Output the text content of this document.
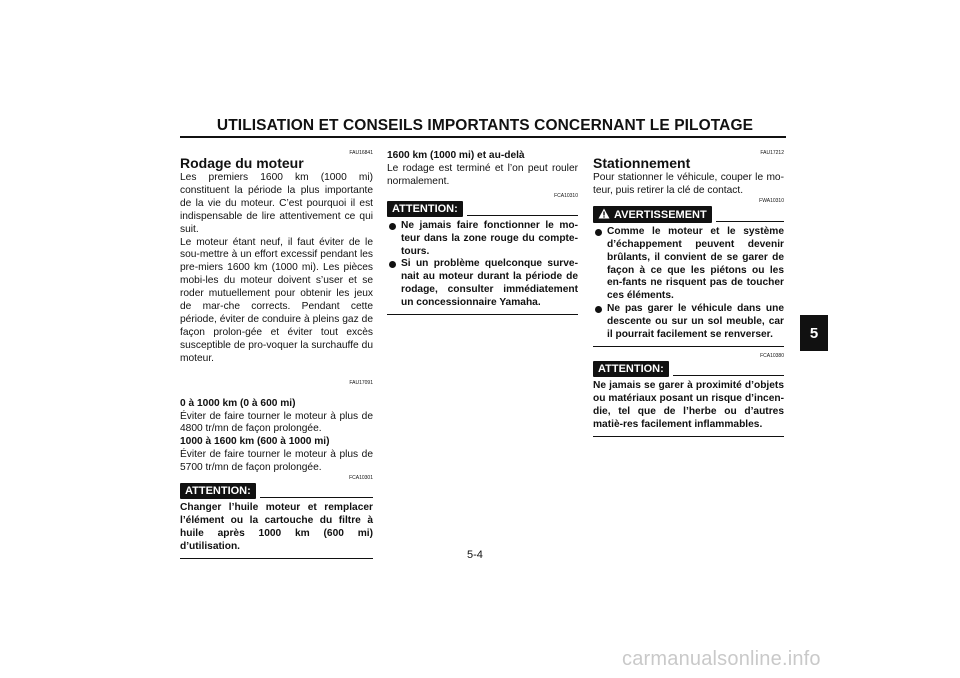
UTILISATION ET CONSEILS IMPORTANTS CONCERNANT LE PILOTAGE
5

FAU16841

Rodage du moteur

Les premiers 1600 km (1000 mi) constituent la période la plus importante de la vie du moteur. C’est pourquoi il est indispensable de lire attentivement ce qui suit.

Le moteur étant neuf, il faut éviter de le sou-mettre à un effort excessif pendant les pre-miers 1600 km (1000 mi). Les pièces mobi-les du moteur doivent s’user et se roder mutuellement pour obtenir les jeux de mar-che corrects. Pendant cette période, éviter de conduire à pleins gaz de façon prolon-gée et éviter tout excès susceptible de pro-voquer la surchauffe du moteur.

FAU17091

0 à 1000 km (0 à 600 mi)

Éviter de faire tourner le moteur à plus de 4800 tr/mn de façon prolongée.

1000 à 1600 km (600 à 1000 mi)

Éviter de faire tourner le moteur à plus de 5700 tr/mn de façon prolongée.

FCA10301

ATTENTION:
Changer l’huile moteur et remplacer l’élément ou la cartouche du filtre à huile après 1000 km (600 mi) d’utilisation.

1600 km (1000 mi) et au-delà

Le rodage est terminé et l’on peut rouler normalement.

FCA10310

ATTENTION:
Ne jamais faire fonctionner le mo-teur dans la zone rouge du compte-tours.
Si un problème quelconque surve-nait au moteur durant la période de rodage, consulter immédiatement un concessionnaire Yamaha.

FAU17212

Stationnement

Pour stationner le véhicule, couper le mo-teur, puis retirer la clé de contact.

FWA10310

AVERTISSEMENT
Comme le moteur et le système d’échappement peuvent devenir brûlants, il convient de se garer de façon à ce que les piétons ou les en-fants ne risquent pas de toucher ces éléments.
Ne pas garer le véhicule dans une descente ou sur un sol meuble, car il pourrait facilement se renverser.

FCA10380

ATTENTION:
Ne jamais se garer à proximité d’objets ou matériaux posant un risque d’incen-die, tel que de l’herbe ou d’autres matiè-res facilement inflammables.
5-4
carmanualsonline.info
